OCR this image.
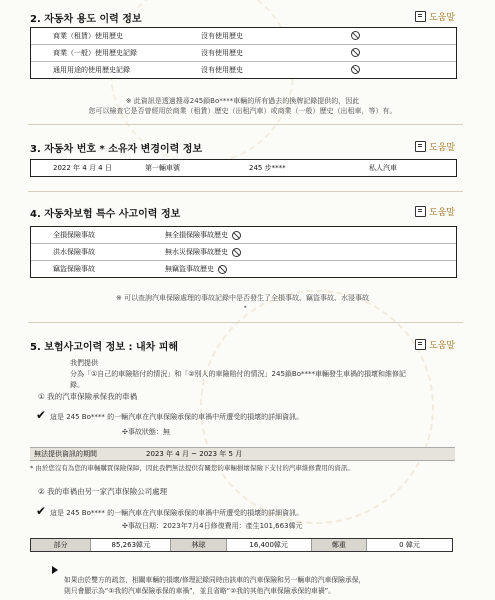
2. 자동차 용도 이력 정보	도움말
商業（租賃）使用歷史	沒有使用歷史
商業（一般）使用歷史記錄	沒有使用歷史
通用用途的使用歷史記錄	沒有使用歷史
※ 此資訊是透過搜尋245鎖Bo****車輛的所有過去的換牌記錄提供的，因此
您可以檢查它是否曾經用於商業（租賃）歷史（出租汽車）或商業（一般）歷史（出租車，等）有。
3. 자동차 번호 * 소유자 변경이력 정보	도움말
2022 年 4 月 4 日	第一輛車號	245 步****	私人汽車
4. 자동차보험 특수 사고이력 정보	도움말
全損保險事故	無全損保險事故歷史
洪水保險事故	無水災保險事故歷史
竊盜保險事故	無竊盜事故歷史
※ 可以查詢汽車保險處理的事故記錄中是否發生了全損事故、竊盜事故、水浸事故
•
5. 보험사고이력 정보 : 내차 피해	도움말
我們提供
分為「①自己的車險賠付的情況」和「②別人的車險賠付的情況」245鎖Bo****車輛發生車禍的損壞和維修記
錄。
① 我的汽車保險承保我的車禍
✔ 這是 245 Bo**** 的一輛汽車在汽車保險承保的車禍中所遭受的損壞的詳細資訊。
✣事故狀態：無
無法提供資訊的期間	2023 年 4 月 ~ 2023 年 5 月
* 由於您沒有為您的車輛購買保險保障，因此我們無法提供有關您的車輛損壞保險下支付的汽車維修費用的資訊。
② 我的車禍由另一家汽車保險公司處理
✔ 這是 245 Bo**** 的一輛汽車在汽車保險承保的車禍中所遭受的損壞的詳細資訊。
✣事故日期：2023年7月4日修復費用：產生101,663韓元
部分	85,263韓元	林球	16,400韓元	鄭重	0 韓元
如果由於雙方的疏忽，相關車輛的損壞/修理記錄同時由該車的汽車保險和另一輛車的汽車保險承保，
則只會顯示為“①我的汽車保險承保的車禍”，並且省略“②我的其他汽車保險承保的車禍”。
